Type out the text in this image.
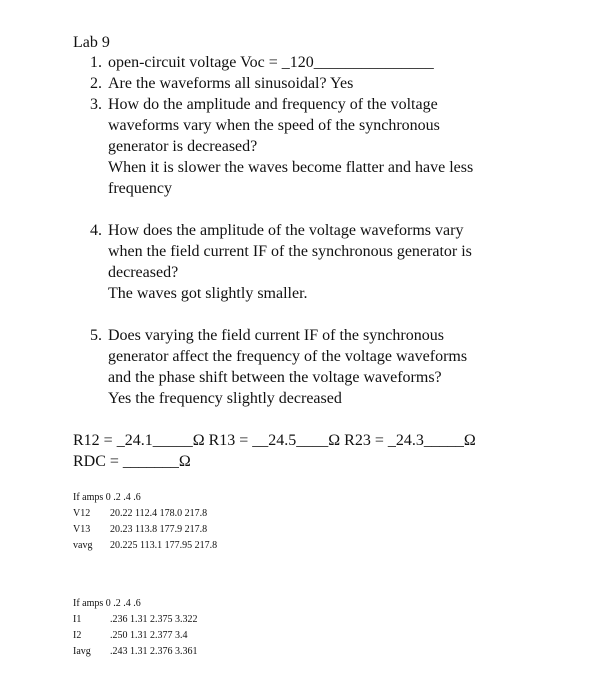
Lab 9
1. open-circuit voltage Voc = _120_______________
2. Are the waveforms all sinusoidal? Yes
3. How do the amplitude and frequency of the voltage
waveforms vary when the speed of the synchronous
generator is decreased?
When it is slower the waves become flatter and have less
frequency
4. How does the amplitude of the voltage waveforms vary
when the field current IF of the synchronous generator is
decreased?
The waves got slightly smaller.
5. Does varying the field current IF of the synchronous
generator affect the frequency of the voltage waveforms
and the phase shift between the voltage waveforms?
Yes the frequency slightly decreased
R12 = _24.1_____Ω R13 = __24.5____Ω R23 = _24.3_____Ω
RDC = _______Ω
If amps 0 .2 .4 .6
V12 20.22 112.4 178.0 217.8
V13 20.23 113.8 177.9 217.8
vavg 20.225 113.1 177.95 217.8
If amps 0 .2 .4 .6
I1	.236 1.31 2.375 3.322
I2	.250 1.31 2.377 3.4
Iavg .243 1.31 2.376 3.361
